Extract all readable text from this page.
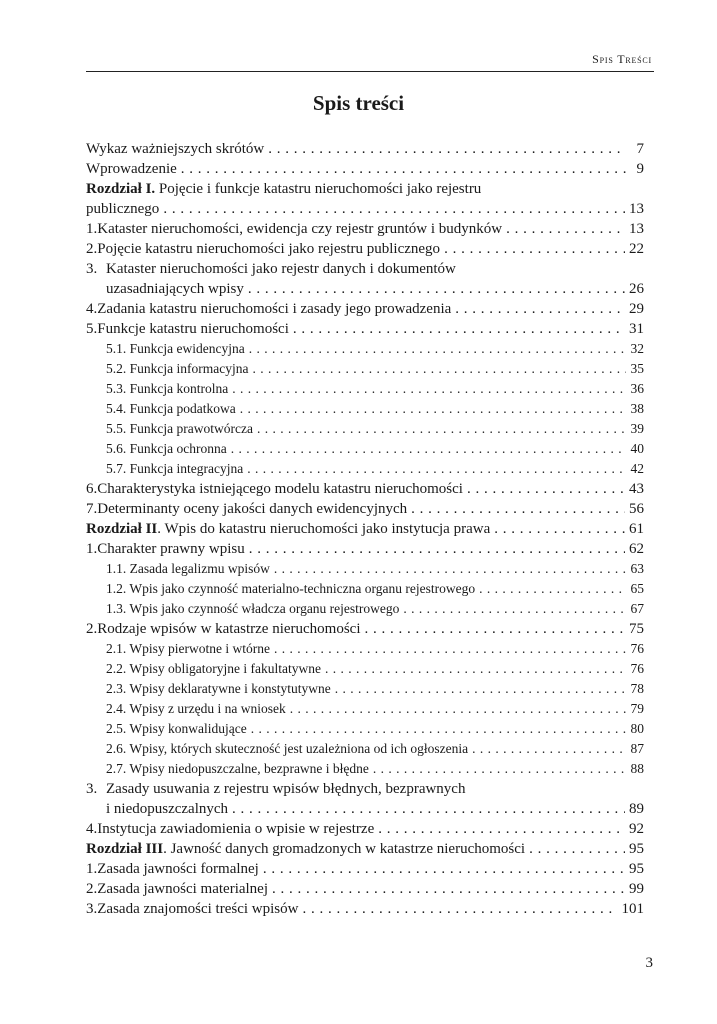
Spis Treści
Spis treści
Wykaz ważniejszych skrótów . . .	7
Wprowadzenie . . .	9
Rozdział I. Pojęcie i funkcje katastru nieruchomości jako rejestru
publicznego . . .	13
1. Kataster nieruchomości, ewidencja czy rejestr gruntów i budynków . . .	13
2. Pojęcie katastru nieruchomości jako rejestru publicznego . . .	22
3. Kataster nieruchomości jako rejestr danych i dokumentów
uzasadniających wpisy . . .	26
4. Zadania katastru nieruchomości i zasady jego prowadzenia . . .	29
5. Funkcje katastru nieruchomości . . .	31
5.1. Funkcja ewidencyjna . . .	32
5.2. Funkcja informacyjna . . .	35
5.3. Funkcja kontrolna . . .	36
5.4. Funkcja podatkowa . . .	38
5.5. Funkcja prawotwórcza . . .	39
5.6. Funkcja ochronna . . .	40
5.7. Funkcja integracyjna . . .	42
6. Charakterystyka istniejącego modelu katastru nieruchomości . . .	43
7. Determinanty oceny jakości danych ewidencyjnych . . .	56
Rozdział II . Wpis do katastru nieruchomości jako instytucja prawa . . .	61
1. Charakter prawny wpisu . . .	62
1.1. Zasada legalizmu wpisów . . .	63
1.2. Wpis jako czynność materialno-techniczna organu rejestrowego . . .	65
1.3. Wpis jako czynność władcza organu rejestrowego . . .	67
2. Rodzaje wpisów w katastrze nieruchomości . . .	75
2.1. Wpisy pierwotne i wtórne . . .	76
2.2. Wpisy obligatoryjne i fakultatywne . . .	76
2.3. Wpisy deklaratywne i konstytutywne . . .	78
2.4. Wpisy z urzędu i na wniosek . . .	79
2.5. Wpisy konwalidujące . . .	80
2.6. Wpisy, których skuteczność jest uzależniona od ich ogłoszenia . . .	87
2.7. Wpisy niedopuszczalne, bezprawne i błędne . . .	88
3. Zasady usuwania z rejestru wpisów błędnych, bezprawnych
i niedopuszczalnych . . .	89
4. Instytucja zawiadomienia o wpisie w rejestrze . . .	92
Rozdział III . Jawność danych gromadzonych w katastrze nieruchomości . . .	95
1. Zasada jawności formalnej . . .	95
2. Zasada jawności materialnej . . .	99
3. Zasada znajomości treści wpisów . . .	101
3
